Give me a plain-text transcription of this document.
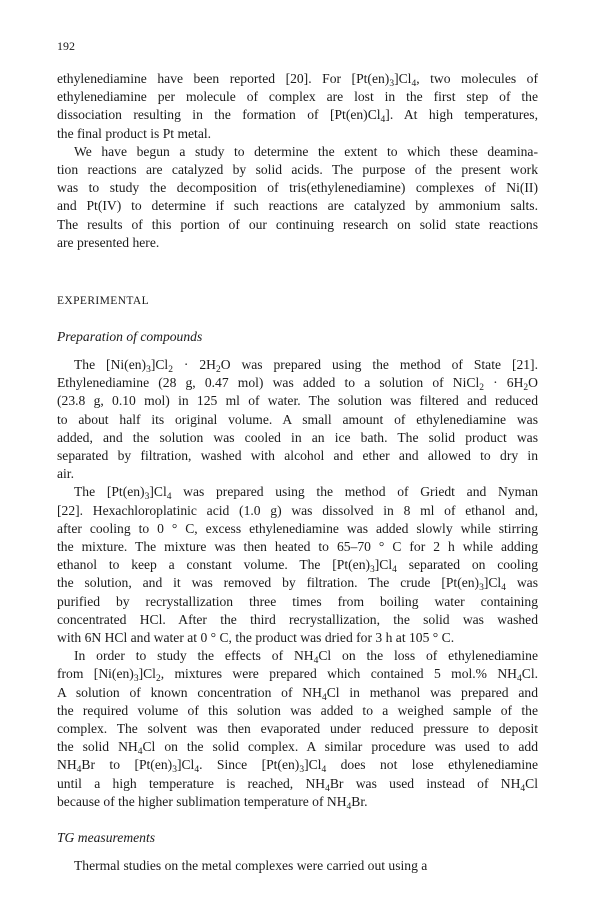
192
ethylenediamine have been reported [20]. For $[Pt(en)_3]Cl_4$, two molecules of
ethylenediamine per molecule of complex are lost in the first step of the
dissociation resulting in the formation of $[Pt(en)Cl_4]$. At high temperatures,
the final product is Pt metal.
We have begun a study to determine the extent to which these deamina-
tion reactions are catalyzed by solid acids. The purpose of the present work
was to study the decomposition of tris(ethylenediamine) complexes of Ni(II)
and Pt(IV) to determine if such reactions are catalyzed by ammonium salts.
The results of this portion of our continuing research on solid state reactions
are presented here.
EXPERIMENTAL
Preparation of compounds
The $[Ni(en)_3]Cl_2 \cdot 2H_2O$ was prepared using the method of State [21].
Ethylenediamine (28 g, 0.47 mol) was added to a solution of NiCl$_2$ · $6H_2O$
(23.8 g, 0.10 mol) in 125 ml of water. The solution was filtered and reduced
to about half its original volume. A small amount of ethylenediamine was
added, and the solution was cooled in an ice bath. The solid product was
separated by filtration, washed with alcohol and ether and allowed to dry in
air.
The $[Pt(en)_3]Cl_4$ was prepared using the method of Griedt and Nyman
[22]. Hexachloroplatinic acid (1.0 g) was dissolved in 8 ml of ethanol and,
after cooling to 0 ° C, excess ethylenediamine was added slowly while stirring
the mixture. The mixture was then heated to 65–70 ° C for 2 h while adding
ethanol to keep a constant volume. The $[Pt(en)_3]Cl_4$ separated on cooling
the solution, and it was removed by filtration. The crude $[Pt(en)_3]Cl_4$ was
purified by recrystallization three times from boiling water containing
concentrated HCl. After the third recrystallization, the solid was washed
with 6N HCl and water at 0 ° C, the product was dried for 3 h at 105 ° C.
In order to study the effects of $NH_4Cl$ on the loss of ethylenediamine
from $[Ni(en)_3]Cl_2$, mixtures were prepared which contained 5 mol.% $NH_4Cl$.
A solution of known concentration of $NH_4Cl$ in methanol was prepared and
the required volume of this solution was added to a weighed sample of the
complex. The solvent was then evaporated under reduced pressure to deposit
the solid $NH_4Cl$ on the solid complex. A similar procedure was used to add
$NH_4Br$ to $[Pt(en)_3]Cl_4$. Since $[Pt(en)_3]Cl_4$ does not lose ethylenediamine
until a high temperature is reached, $NH_4Br$ was used instead of $NH_4Cl$
because of the higher sublimation temperature of $NH_4Br$.
TG measurements
Thermal studies on the metal complexes were carried out using a
